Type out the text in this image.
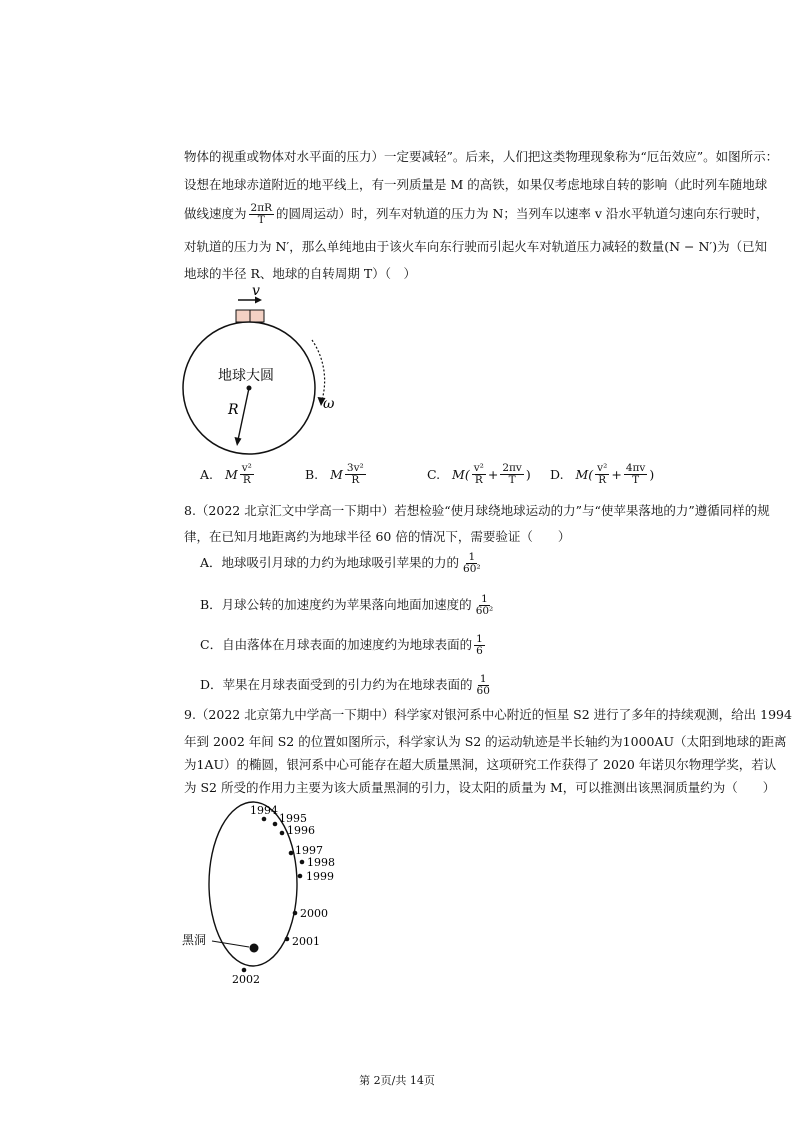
物体的视重或物体对水平面的压力）一定要减轻”。后来，人们把这类物理现象称为“厄缶效应”。如图所示：
设想在地球赤道附近的地平线上，有一列质量是 M 的高铁，如果仅考虑地球自转的影响（此时列车随地球
做线速度为 $\frac{2\pi R}{T}$ 的圆周运动）时，列车对轨道的压力为 N；当列车以速率 v 沿水平轨道匀速向东行驶时，
对轨道的压力为 N′，那么单纯地由于该火车向东行驶而引起火车对轨道压力减轻的数量(N − N′)为（已知
地球的半径 R、地球的自转周期 T）（　）
v
地球大圆
R	ω
A.
M $\frac{\text{v²}}{R}$	B.
M $\frac{\text{3v²}}{R}$	C.
$M( \frac{\text{v²}}{R} + \frac{2\pi v}{T}$ ) D.
$M( \frac{\text{v²}}{R} + \frac{4\pi v}{T}$ )
8.（2022 北京汇文中学高一下期中）若想检验“使月球绕地球运动的力”与“使苹果落地的力”遵循同样的规
律，在已知月地距离约为地球半径 60 倍的情况下，需要验证（　　）
A．地球吸引月球的力约为地球吸引苹果的力的 $\frac{1}{\text{60²}}$
B．月球公转的加速度约为苹果落向地面加速度的 $\frac{1}{\text{60²}}$
C．自由落体在月球表面的加速度约为地球表面的 $\frac{1}{6}$
D．苹果在月球表面受到的引力约为在地球表面的 $\frac{1}{60}$
9.（2022 北京第九中学高一下期中）科学家对银河系中心附近的恒星 S2 进行了多年的持续观测，给出 1994
年到 2002 年间 S2 的位置如图所示，科学家认为 S2 的运动轨迹是半长轴约为1000AU（太阳到地球的距离
为1AU）的椭圆，银河系中心可能存在超大质量黑洞，这项研究工作获得了 2020 年诺贝尔物理学奖，若认
为 S2 所受的作用力主要为该大质量黑洞的引力，设太阳的质量为 M，可以推测出该黑洞质量约为（　　）
黑洞
1994
1995
1996
1997
1998
1999
2000
2001
2002
第 2页/共 14页
